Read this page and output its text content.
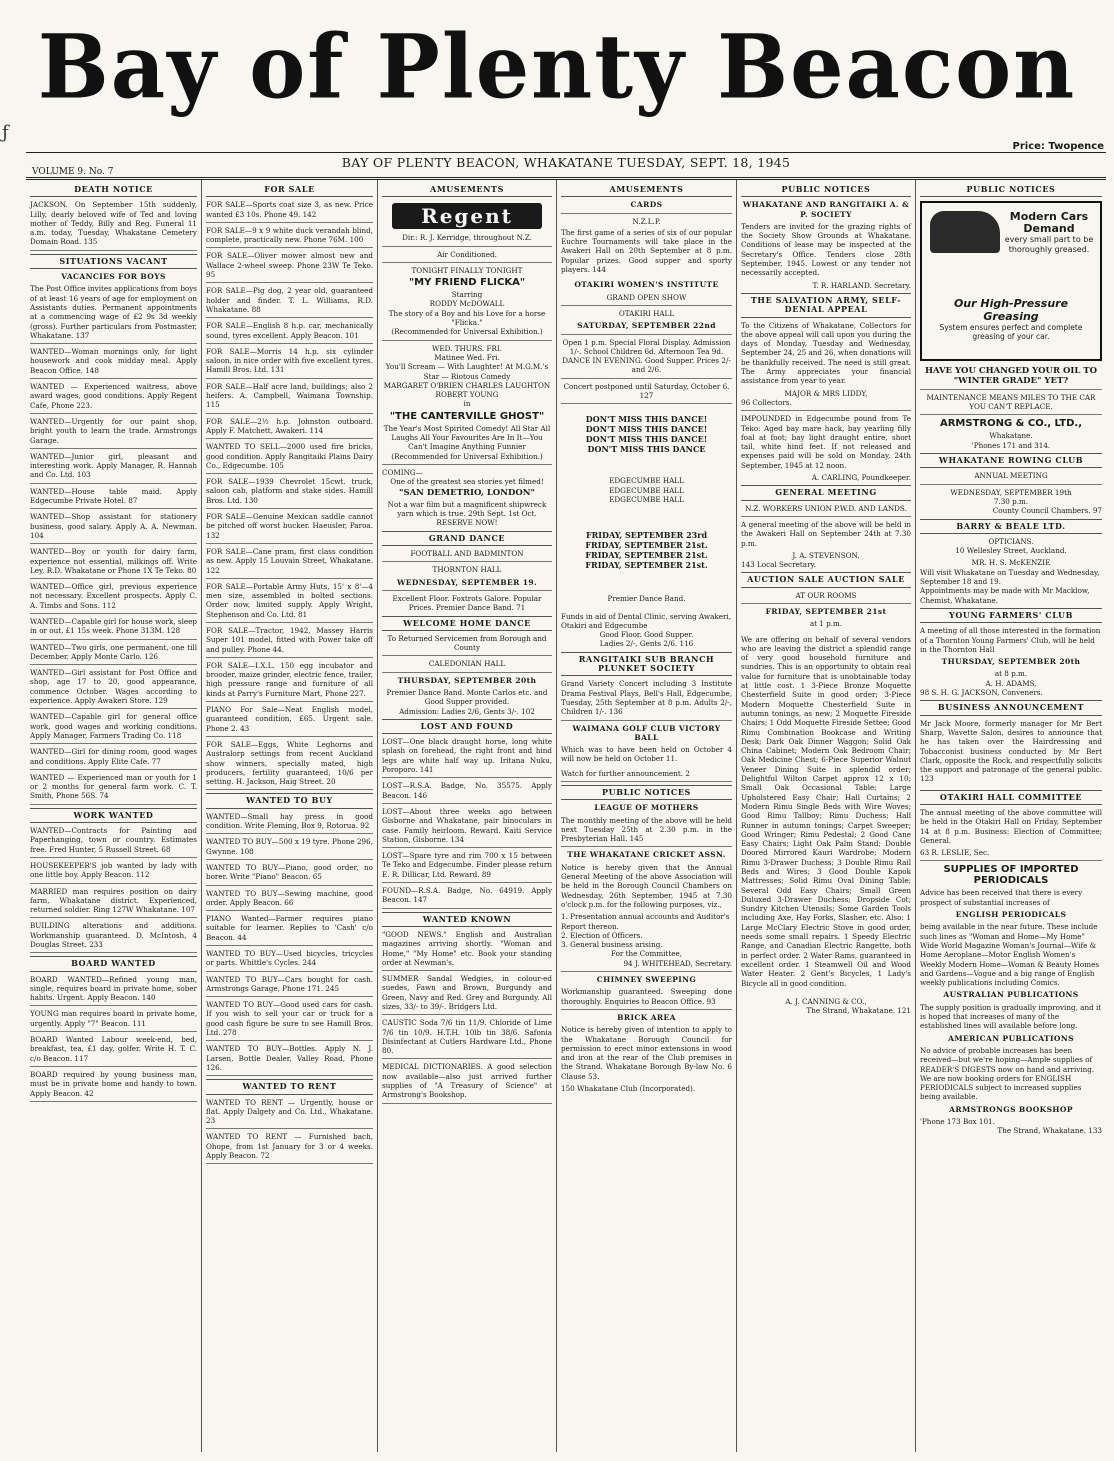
Bay of Plenty Beacon
ƒ
VOLUME 9. No. 7
BAY OF PLENTY BEACON, WHAKATANE TUESDAY, SEPT. 18, 1945
Price: Twopence
DEATH NOTICE
JACKSON. On September 15th suddenly, Lilly, dearly beloved wife of Ted and loving mother of Teddy, Billy and Reg. Funeral 11 a.m. today, Tuesday, Whakatane Cemetery Domain Road. 135
SITUATIONS VACANT
VACANCIES FOR BOYS
The Post Office invites applications from boys of at least 16 years of age for employment on Assistants duties. Permanent appointments at a commencing wage of £2 9s 3d weekly (gross). Further particulars from Postmaster, Whakatane. 137
WANTED—Woman mornings only, for light housework and cook midday meal. Apply Beacon Office. 148
WANTED — Experienced waitress, above award wages, good conditions. Apply Regent Cafe, Phone 223.
WANTED—Urgently for our paint shop, bright youth to learn the trade. Armstrongs Garage.
WANTED—Junior girl, pleasant and interesting work. Apply Manager, R. Hannah and Co. Ltd. 103
WANTED—House table maid. Apply Edgecumbe Private Hotel. 87
WANTED—Shop assistant for stationery business, good salary. Apply A. A. Newman. 104
WANTED—Boy or youth for dairy farm, experience not essential, milkings off. Write Ley, R.D. Whakatane or Phone 1X Te Teko. 80
WANTED—Office girl, previous experience not necessary. Excellent prospects. Apply C. A. Timbs and Sons. 112
WANTED—Capable girl for house work, sleep in or out, £1 15s week. Phone 313M. 128
WANTED—Two girls, one permanent, one till December. Apply Monte Carlo. 126
WANTED—Girl assistant for Post Office and shop, age 17 to 20, good appearance, commence October. Wages according to experience. Apply Awakeri Store. 129
WANTED—Capable girl for general office work, good wages and working conditions. Apply Manager, Farmers Trading Co. 118
WANTED—Girl for dining room, good wages and conditions. Apply Elite Cafe. 77
WANTED — Experienced man or youth for 1 or 2 months for general farm work. C. T. Smith, Phone 56S. 74
WORK WANTED
WANTED—Contracts for Painting and Paperhanging, town or country. Estimates free. Fred Hunter, 5 Russell Street. 68
HOUSEKEEPER'S job wanted by lady with one little boy. Apply Beacon. 112
MARRIED man requires position on dairy farm, Whakatane district. Experienced, returned soldier. Ring 127W Whakatane. 107
BUILDING alterations and additions. Workmanship guaranteed. D. McIntosh, 4 Douglas Street. 233
BOARD WANTED
BOARD WANTED—Refined young man, single, requires board in private home, sober habits. Urgent. Apply Beacon. 140
YOUNG man requires board in private home, urgently. Apply "7" Beacon. 111
BOARD Wanted Labour week-end, bed, breakfast, tea, £1 day, golfer. Write H. T. C. c/o Beacon. 117
BOARD required by young business man, must be in private home and handy to town. Apply Beacon. 42
FOR SALE
FOR SALE—Sports coat size 3, as new. Price wanted £3 10s. Phone 49. 142
FOR SALE—9 x 9 white duck verandah blind, complete, practically new. Phone 76M. 100
FOR SALE—Oliver mower almost new and Wallace 2-wheel sweep. Phone 23W Te Teko. 95
FOR SALE—Pig dog, 2 year old, guaranteed holder and finder. T. L. Williams, R.D. Whakatane. 88
FOR SALE—English 8 h.p. car, mechanically sound, tyres excellent. Apply Beacon. 101
FOR SALE—Morris 14 h.p. six cylinder saloon, in nice order with five excellent tyres. Hamill Bros. Ltd. 131
FOR SALE—Half acre land, buildings; also 2 heifers. A. Campbell, Waimana Township. 115
FOR SALE—2½ h.p. Johnston outboard. Apply F. Matchett, Awakeri. 114
WANTED TO SELL—2000 used fire bricks, good condition. Apply Rangitaiki Plains Dairy Co., Edgecumbe. 105
FOR SALE—1939 Chevrolet 15cwt. truck, saloon cab, platform and stake sides. Hamill Bros. Ltd. 130
FOR SALE—Genuine Mexican saddle cannot be pitched off worst bucker. Haeusler, Paroa. 132
FOR SALE—Cane pram, first class condition as new. Apply 15 Louvain Street, Whakatane. 122
FOR SALE—Portable Army Huts, 15' x 8'—4 men size, assembled in bolted sections. Order now, limited supply. Apply Wright, Stephenson and Co. Ltd. 81
FOR SALE—Tractor, 1942, Massey Harris Super 101 model, fitted with Power take off and pulley. Phone 44.
FOR SALE—I.X.L. 150 egg incubator and brooder, maize grinder, electric fence, trailer, high pressure range and furniture of all kinds at Parry's Furniture Mart, Phone 227.
PIANO For Sale—Neat English model, guaranteed condition, £65. Urgent sale. Phone 2. 43
FOR SALE—Eggs, White Leghorns and Australorp settings from recent Auckland show winners, specially mated, high producers, fertility guaranteed, 10/6 per setting. H. Jackson, Haig Street. 20
WANTED TO BUY
WANTED—Small hay press in good condition. Write Fleming, Box 9, Rotorua. 92
WANTED TO BUY—500 x 19 tyre. Phone 296, Gwynne. 108
WANTED TO BUY—Piano, good order, no borer. Write "Piano" Beacon. 65
WANTED TO BUY—Sewing machine, good order. Apply Beacon. 66
PIANO Wanted—Farmer requires piano suitable for learner. Replies to 'Cash' c/o Beacon. 44
WANTED TO BUY—Used bicycles, tricycles or parts. Whittle's Cycles. 244
WANTED TO BUY—Cars bought for cash. Armstrongs Garage, Phone 171. 245
WANTED TO BUY—Good used cars for cash. If you wish to sell your car or truck for a good cash figure be sure to see Hamill Bros. Ltd. 278
WANTED TO BUY—Bottles. Apply N. J. Larsen, Bottle Dealer, Valley Road, Phone 126.
WANTED TO RENT
WANTED TO RENT — Urgently, house or flat. Apply Dalgety and Co. Ltd., Whakatane. 23
WANTED TO RENT — Furnished bach, Ohope, from 1st January for 3 or 4 weeks. Apply Beacon. 72
AMUSEMENTS
Regent
Dir.: R. J. Kerridge, throughout N.Z.
Air Conditioned.
TONIGHT FINALLY TONIGHT
"MY FRIEND FLICKA"
Starring
RODDY McDOWALL
The story of a Boy and his Love for a horse "Flicka."
(Recommended for Universal Exhibition.)
WED. THURS. FRI.
Matinee Wed. Fri.
You'll Scream — With Laughter! At M.G.M.'s Star — Riotous Comedy
MARGARET O'BRIEN CHARLES LAUGHTON ROBERT YOUNG
in
"THE CANTERVILLE GHOST"
The Year's Most Spirited Comedy! All Star All Laughs All Your Favourites Are In It—You Can't Imagine Anything Funnier
(Recommended for Universal Exhibition.)
COMING—
One of the greatest sea stories yet filmed!
"SAN DEMETRIO, LONDON"
Not a war film but a magnificent shipwreck yarn which is true. 29th Sept. 1st Oct.
RESERVE NOW!
GRAND DANCE
FOOTBALL AND BADMINTON
THORNTON HALL
WEDNESDAY, SEPTEMBER 19.
Excellent Floor. Foxtrots Galore. Popular Prices. Premier Dance Band. 71
WELCOME HOME DANCE
To Returned Servicemen from Borough and County
CALEDONIAN HALL
THURSDAY, SEPTEMBER 20th
Premier Dance Band. Monte Carlos etc. and Good Supper provided.
Admission: Ladies 2/6, Gents 3/-. 102
LOST AND FOUND
LOST—One black draught horse, long white splash on forehead, the right front and hind legs are white half way up. Iritana Nuku, Poroporo. 141
LOST—R.S.A. Badge, No. 35575. Apply Beacon. 146
LOST—About three weeks ago between Gisborne and Whakatane, pair binoculars in case. Family heirloom. Reward. Kaiti Service Station, Gisborne. 134
LOST—Spare tyre and rim 700 x 15 between Te Teko and Edgecumbe. Finder please return E. R. Dillicar, Ltd. Reward. 89
FOUND—R.S.A. Badge, No. 64919. Apply Beacon. 147
WANTED KNOWN
"GOOD NEWS." English and Australian magazines arriving shortly. "Woman and Home," "My Home" etc. Book your standing order at Newman's.
SUMMER Sandal Wedgies, in colour-ed suedes, Fawn and Brown, Burgundy and Green, Navy and Red. Grey and Burgundy. All sizes, 33/- to 39/-. Bridgers Ltd.
CAUSTIC Soda 7/6 tin 11/9. Chloride of Lime 7/6 tin 10/9. H.T.H. 10lb tin 38/6. Safonia Disinfectant at Cutlers Hardware Ltd., Phone 80.
MEDICAL DICTIONARIES. A good selection now available—also just arrived further supplies of "A Treasury of Science" at Armstrong's Bookshop.
AMUSEMENTS
CARDS
N.Z.L.P.
The first game of a series of six of our popular Euchre Tournaments will take place in the Awakeri Hall on 20th September at 8 p.m. Popular prizes. Good supper and sporty players. 144
OTAKIRI WOMEN'S INSTITUTE
GRAND OPEN SHOW
OTAKIRI HALL
SATURDAY, SEPTEMBER 22nd
Open 1 p.m. Special Floral Display. Admission 1/-. School Children 6d. Afternoon Tea 9d.
DANCE IN EVENING. Good Supper. Prices 2/- and 2/6.
Concert postponed until Saturday, October 6. 127
DON'T MISS THIS DANCE!
DON'T MISS THIS DANCE!
DON'T MISS THIS DANCE!
DON'T MISS THIS DANCE
EDGECUMBE HALL
EDGECUMBE HALL
EDGECUMBE HALL
FRIDAY, SEPTEMBER 23rd
FRIDAY, SEPTEMBER 21st.
FRIDAY, SEPTEMBER 21st.
FRIDAY, SEPTEMBER 21st.
Premier Dance Band.
Funds in aid of Dental Clinic, serving Awakeri, Otakiri and Edgecumbe
Good Floor. Good Supper.
Ladies 2/-, Gents 2/6. 116
RANGITAIKI SUB BRANCH PLUNKET SOCIETY
Grand Variety Concert including 3 Institute Drama Festival Plays, Bell's Hall, Edgecumbe, Tuesday, 25th September at 8 p.m. Adults 2/-, Children 1/-. 136
WAIMANA GOLF CLUB VICTORY BALL
Which was to have been held on October 4 will now be held on October 11.
Watch for further announcement. 2
PUBLIC NOTICES
LEAGUE OF MOTHERS
The monthly meeting of the above will be held next Tuesday 25th at 2.30 p.m. in the Presbyterian Hall. 145
THE WHAKATANE CRICKET ASSN.
Notice is hereby given that the Annual General Meeting of the above Association will be held in the Borough Council Chambers on Wednesday, 26th September, 1945 at 7.30 o'clock p.m. for the following purposes, viz.,
1. Presentation annual accounts and Auditor's Report thereon.
2. Election of Officers.
3. General business arising.
For the Committee,
94 J. WHITEHEAD, Secretary.
CHIMNEY SWEEPING
Workmanship guaranteed. Sweeping done thoroughly. Enquiries to Beacon Office. 93
BRICK AREA
Notice is hereby given of intention to apply to the Whakatane Borough Council for permission to erect minor extensions in wood and iron at the rear of the Club premises in the Strand. Whakatane Borough By-law No. 6 Clause 53.
150 Whakatane Club (Incorporated).
PUBLIC NOTICES
WHAKATANE AND RANGITAIKI A. & P. SOCIETY
Tenders are invited for the grazing rights of the Society Show Grounds at Whakatane. Conditions of lease may be inspected at the Secretary's Office. Tenders close 28th September, 1945. Lowest or any tender not necessarily accepted.
T. R. HARLAND. Secretary.
THE SALVATION ARMY, SELF-DENIAL APPEAL
To the Citizens of Whakatane, Collectors for the above appeal will call upon you during the days of Monday, Tuesday and Wednesday, September 24, 25 and 26, when donations will be thankfully received. The need is still great. The Army appreciates your financial assistance from year to year.
MAJOR & MRS LIDDY,
96 Collectors.
IMPOUNDED in Edgecumbe pound from Te Teko: Aged bay mare hack, bay yearling filly foal at foot; bay light draught entire, short tail, white hind feet. If not released and expenses paid will be sold on Monday, 24th September, 1945 at 12 noon.
A. CARLING, Poundkeeper.
GENERAL MEETING
N.Z. WORKERS UNION P.W.D. AND LANDS.
A general meeting of the above will be held in the Awakeri Hall on September 24th at 7.30 p.m.
J. A. STEVENSON,
143 Local Secretary.
AUCTION SALE AUCTION SALE
AT OUR ROOMS
FRIDAY, SEPTEMBER 21st
at 1 p.m.
We are offering on behalf of several vendors who are leaving the district a splendid range of very good household furniture and sundries. This is an opportunity to obtain real value for furniture that is unobtainable today at little cost. 1 3-Piece Bronze Moquette Chesterfield Suite in good order; 3-Piece Modern Moquette Chesterfield Suite in autumn tonings, as new; 2 Moquette Fireside Chairs; 1 Odd Moquette Fireside Settee; Good Rimu Combination Bookcase and Writing Desk; Dark Oak Dinner Waggon; Solid Oak China Cabinet; Modern Oak Bedroom Chair; Oak Medicine Chest; 6-Piece Superior Walnut Veneer Dining Suite in splendid order; Delightful Wilton Carpet approx 12 x 10; Small Oak Occasional Table; Large Upholstered Easy Chair; Hall Curtains; 2 Modern Rimu Single Beds with Wire Woves; Good Rimu Tallboy; Rimu Duchess; Hall Runner in autumn tonings; Carpet Sweeper; Good Wringer; Rimu Pedestal; 2 Good Cane Easy Chairs; Light Oak Palm Stand; Double Doored Mirrored Kauri Wardrobe; Modern Rimu 3-Drawer Duchess; 3 Double Rimu Rail Beds and Wires; 3 Good Double Kapok Mattresses; Solid Rimu Oval Dining Table; Several Odd Easy Chairs; Small Green Duluxed 3-Drawer Duchess; Dropside Cot; Sundry Kitchen Utensils; Some Garden Tools including Axe, Hay Forks, Slasher, etc. Also: 1 Large McClary Electric Stove in good order, needs some small repairs. 1 Speedy Electric Range, and Canadian Electric Rangette, both in perfect order. 2 Water Rams, guaranteed in excellent order. 1 Steamwell Oil and Wood Water Heater. 2 Gent's Bicycles, 1 Lady's Bicycle all in good condition.
A. J. CANNING & CO.,
The Strand, Whakatane. 121
PUBLIC NOTICES
Modern Cars Demand
every small part to be thoroughly greased.
Our High-Pressure Greasing
System ensures perfect and complete greasing of your car.
HAVE YOU CHANGED YOUR OIL TO "WINTER GRADE" YET?
MAINTENANCE MEANS MILES TO THE CAR YOU CAN'T REPLACE.
ARMSTRONG & CO., LTD.,
Whakatane.
'Phones 171 and 314.
WHAKATANE ROWING CLUB
ANNUAL MEETING
WEDNESDAY, SEPTEMBER 19th
7.30 p.m.
County Council Chambers. 97
BARRY & BEALE LTD.
OPTICIANS.
10 Wellesley Street, Auckland.
MR. H. S. McKENZIE
Will visit Whakatane on Tuesday and Wednesday, September 18 and 19.
Appointments may be made with Mr Macklow, Chemist, Whakatane.
YOUNG FARMERS' CLUB
A meeting of all those interested in the formation of a Thornton Young Farmers' Club, will be held in the Thornton Hall
THURSDAY, SEPTEMBER 20th
at 8 p.m.
A. H. ADAMS,
98 S. H. G. JACKSON, Conveners.
BUSINESS ANNOUNCEMENT
Mr Jack Moore, formerly manager for Mr Bert Sharp, Wavette Salon, desires to announce that he has taken over the Hairdressing and Tobacconist business conducted by Mr Bert Clark, opposite the Rock, and respectfully solicits the support and patronage of the general public. 123
OTAKIRI HALL COMMITTEE
The annual meeting of the above committee will be held in the Otakiri Hall on Friday, September 14 at 8 p.m. Business: Election of Committee; General.
63 R. LESLIE, Sec.
SUPPLIES OF IMPORTED PERIODICALS
Advice has been received that there is every prospect of substantial increases of
ENGLISH PERIODICALS
being available in the near future. These include such lines as "Woman and Home—My Home" Wide World Magazine Woman's Journal—Wife & Home Aeroplane—Motor English Women's Weekly Modern Home—Woman & Beauty Homes and Gardens—Vogue and a big range of English weekly publications including Comics.
AUSTRALIAN PUBLICATIONS
The supply position is gradually improving, and it is hoped that increases of many of the established lines will available before long.
AMERICAN PUBLICATIONS
No advice of probable increases has been received—but we're hoping—Ample supplies of READER'S DIGESTS now on hand and arriving. We are now booking orders for ENGLISH PERIODICALS subject to increased supplies being available.
ARMSTRONGS BOOKSHOP
'Phone 173 Box 101.
The Strand, Whakatane. 133
